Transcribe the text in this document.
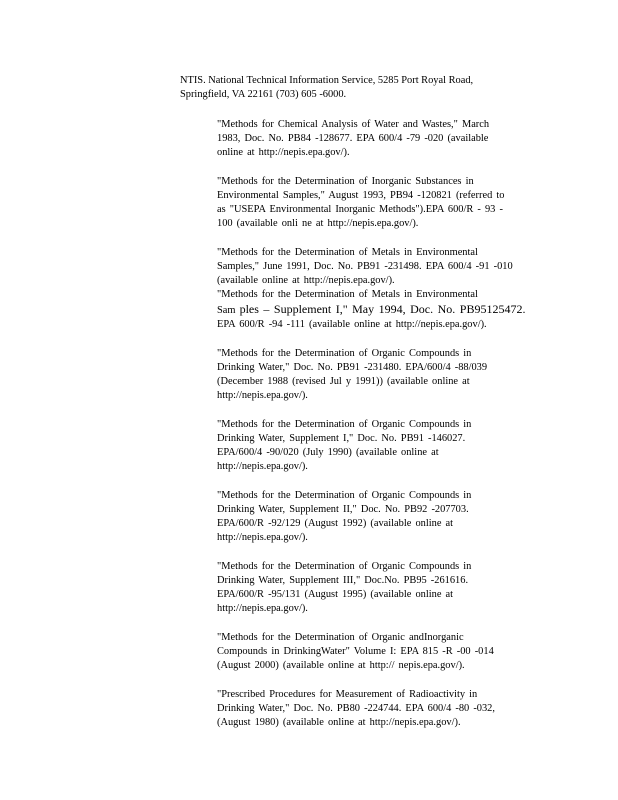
NTIS. National Technical Information Service, 5285 Port Royal Road,
Springfield, VA 22161 (703) 605 -6000.

"Methods for Chemical Analysis of Water and Wastes," March
1983, Doc. No. PB84 -128677. EPA 600/4 -79 -020 (available
online at http://nepis.epa.gov/).
"Methods for the Determination of Inorganic Substances in
Environmental Samples," August 1993, PB94 -120821 (referred to
as "USEPA Environmental Inorganic Methods").EPA 600/R - 93 -
100 (available onli ne at http://nepis.epa.gov/).
"Methods for the Determination of Metals in Environmental
Samples," June 1991, Doc. No. PB91 -231498. EPA 600/4 -91 -010
(available online at http://nepis.epa.gov/).
"Methods for the Determination of Metals in Environmental
Sam ples – Supplement I," May 1994, Doc. No. PB95125472.
EPA 600/R -94 -111 (available online at http://nepis.epa.gov/).
"Methods for the Determination of Organic Compounds in
Drinking Water," Doc. No. PB91 -231480. EPA/600/4 -88/039
(December 1988 (revised Jul y 1991)) (available online at
http://nepis.epa.gov/).
"Methods for the Determination of Organic Compounds in
Drinking Water, Supplement I," Doc. No. PB91 -146027.
EPA/600/4 -90/020 (July 1990) (available online at
http://nepis.epa.gov/).
"Methods for the Determination of Organic Compounds in
Drinking Water, Supplement II," Doc. No. PB92 -207703.
EPA/600/R -92/129 (August 1992) (available online at
http://nepis.epa.gov/).
"Methods for the Determination of Organic Compounds in
Drinking Water, Supplement III," Doc.No. PB95 -261616.
EPA/600/R -95/131 (August 1995) (available online at
http://nepis.epa.gov/).
"Methods for the Determination of Organic andInorganic
Compounds in DrinkingWater" Volume I: EPA 815 -R -00 -014
(August 2000) (available online at http:// nepis.epa.gov/).
"Prescribed Procedures for Measurement of Radioactivity in
Drinking Water," Doc. No. PB80 -224744. EPA 600/4 -80 -032,
(August 1980) (available online at http://nepis.epa.gov/).
